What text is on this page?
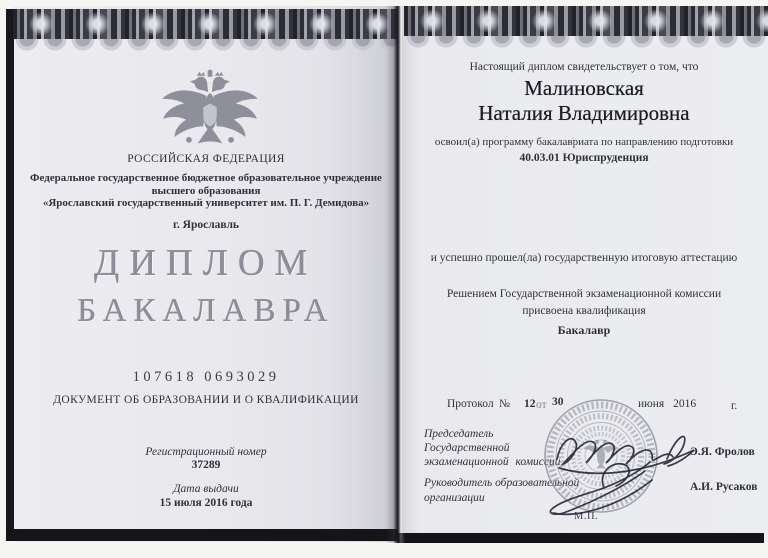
РОССИЙСКАЯ ФЕДЕРАЦИЯ
Федеральное государственное бюджетное образовательное учреждение
высшего образования
«Ярославский государственный университет им. П. Г. Демидова»
г. Ярославль
ДИПЛОМ
БАКАЛАВРА
107618 0693029
ДОКУМЕНТ ОБ ОБРАЗОВАНИИ И О КВАЛИФИКАЦИИ
Регистрационный номер
37289
Дата выдачи
15 июля 2016 года
Настоящий диплом свидетельствует о том, что
Малиновская
Наталия Владимировна
освоил(а) программу бакалавриата по направлению подготовки
40.03.01 Юриспруденция
и успешно прошел(ла) государственную итоговую аттестацию
Решением Государственной экзаменационной комиссии
присвоена квалификация
Бакалавр
Протокол № 12 от 30	июня 2016	г.
Председатель
Государственной
экзаменационной комиссии
Э.Я. Фролов
Руководитель образовательной
организации
А.И. Русаков
М.П.
